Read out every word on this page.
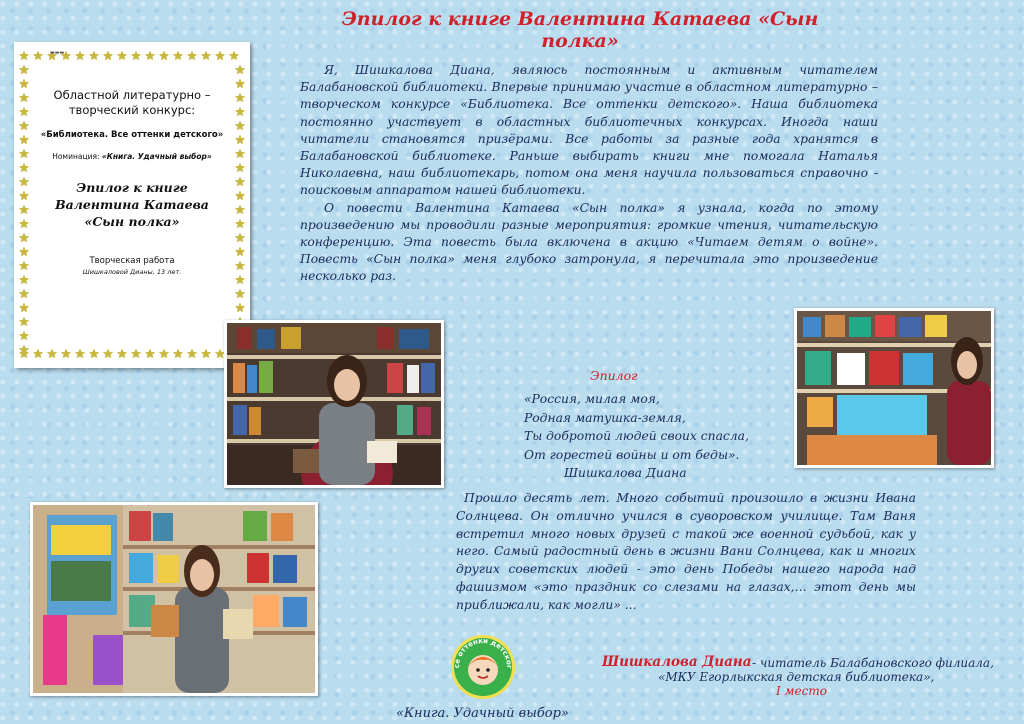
Эпилог к книге Валентина Катаева «Сын полка»
▬▬▬
Областной литературно –
творческий конкурс:
«Библиотека. Все оттенки детского»
Номинация: «Книга. Удачный выбор»
Эпилог к книге
Валентина Катаева
«Сын полка»
Творческая работа
Шишкаловой Дианы, 13 лет.

Я, Шишкалова Диана, являюсь постоянным и активным читателем Балабановской библиотеки. Впервые принимаю участие в областном литературно – творческом конкурсе «Библиотека. Все оттенки детского». Наша библиотека постоянно участвует в областных библиотечных конкурсах. Иногда наши читатели становятся призёрами. Все работы за разные года хранятся в Балабановской библиотеке. Раньше выбирать книги мне помогала Наталья Николаевна, наш библиотекарь, потом она меня научила пользоваться справочно - поисковым аппаратом нашей библиотеки.

О повести Валентина Катаева «Сын полка» я узнала, когда по этому произведению мы проводили разные мероприятия: громкие чтения, читательскую конференцию. Эта повесть была включена в акцию «Читаем детям о войне». Повесть «Сын полка» меня глубоко затронула, я перечитала это произведение несколько раз.

Эпилог
«Россия, милая моя,
Родная матушка-земля,
Ты добротой людей своих спасла,
От горестей войны и от беды».
Шишкалова Диана

Прошло десять лет. Много событий произошло в жизни Ивана Солнцева. Он отлично учился в суворовском училище. Там Ваня встретил много новых друзей с такой же военной судьбой, как у него. Самый радостный день в жизни Вани Солнцева, как и многих других советских людей - это день Победы нашего народа над фашизмом «это праздник со слезами на глазах,… этот день мы приближали, как могли» ...

се оттенки детског	Шишкалова Диана - читатель Балабановского филиала,
«МКУ Егорлыкская детская библиотека»,
I место
«Книга. Удачный выбор»
